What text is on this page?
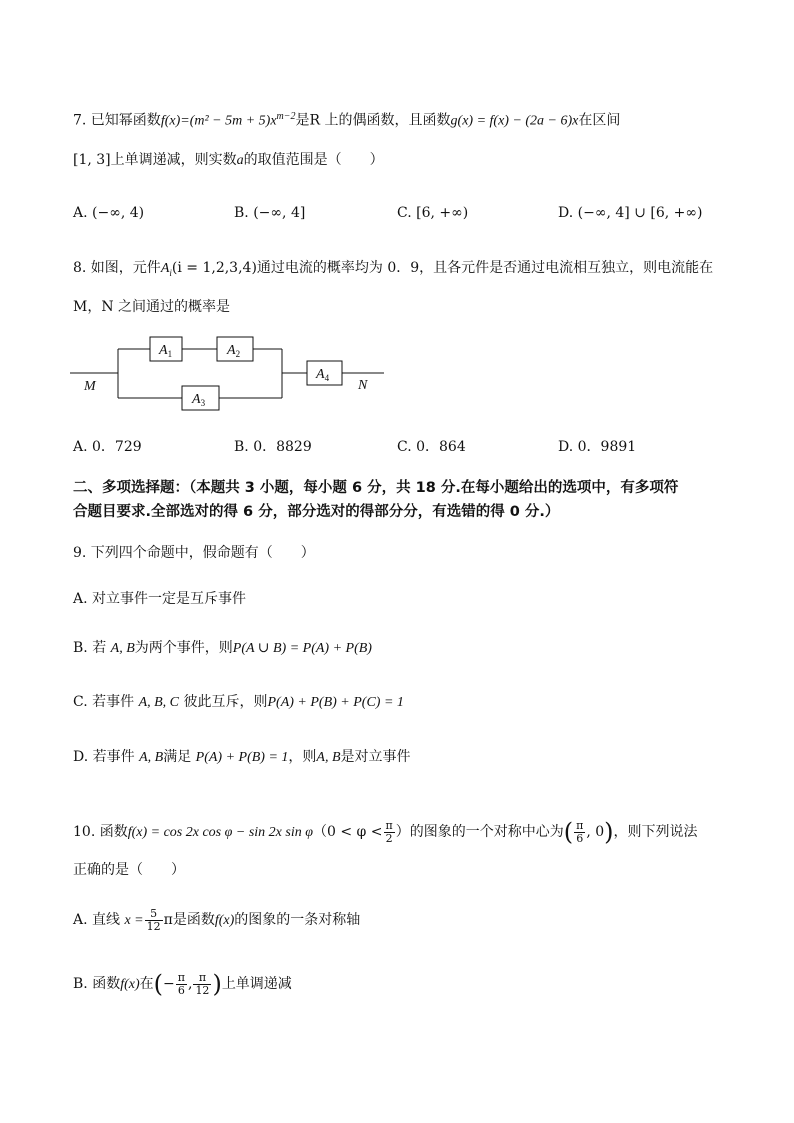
7. 已知幂函数$f(x)=(m^2 - 5m + 5)x^{m-2}$是R 上的偶函数，且函数g(x) = f(x) − (2a − 6)x在区间
[1, 3]上单调递减，则实数a的取值范围是（　　）
A. (−∞, 4)	B. (−∞, 4]	C. [6, +∞)	D. (−∞, 4] ∪ [6, +∞)
8. 如图，元件$A_i(i = 1,2,3,4)$通过电流的概率均为 0．9，且各元件是否通过电流相互独立，则电流能在
M，N 之间通过的概率是
$A_1$	$A_2$
$A_3$
$A_4$
M	N
A. 0．729	B. 0．8829	C. 0．864	D. 0．9891
二、多项选择题：（本题共 3 小题，每小题 6 分，共 18 分.在每小题给出的选项中，有多项符
合题目要求.全部选对的得 6 分，部分选对的得部分分，有选错的得 0 分.）
9. 下列四个命题中，假命题有（　　）
A. 对立事件一定是互斥事件
B. 若 A, B为两个事件，则P(A ∪ B) = P(A) + P(B)
C. 若事件 A, B, C 彼此互斥，则P(A) + P(B) + P(C) = 1
D. 若事件 A, B满足 P(A) + P(B) = 1，则A, B是对立事件
10. 函数f(x) = cos 2x cos φ − sin 2x $\sin \varphi(0 < \varphi < \frac{\pi}{2}$ ）的图象的一个对称中心为( $\frac{\pi}{6}$ , 0)，则下列说法
正确的是（　　）
A. 直线 $x = \frac{5}{12}$ π是函数f(x)的图象的一条对称轴
B. 函数f(x)在(− $\frac{\pi}{6}$ , $\frac{\pi}{12}$ )上单调递减
